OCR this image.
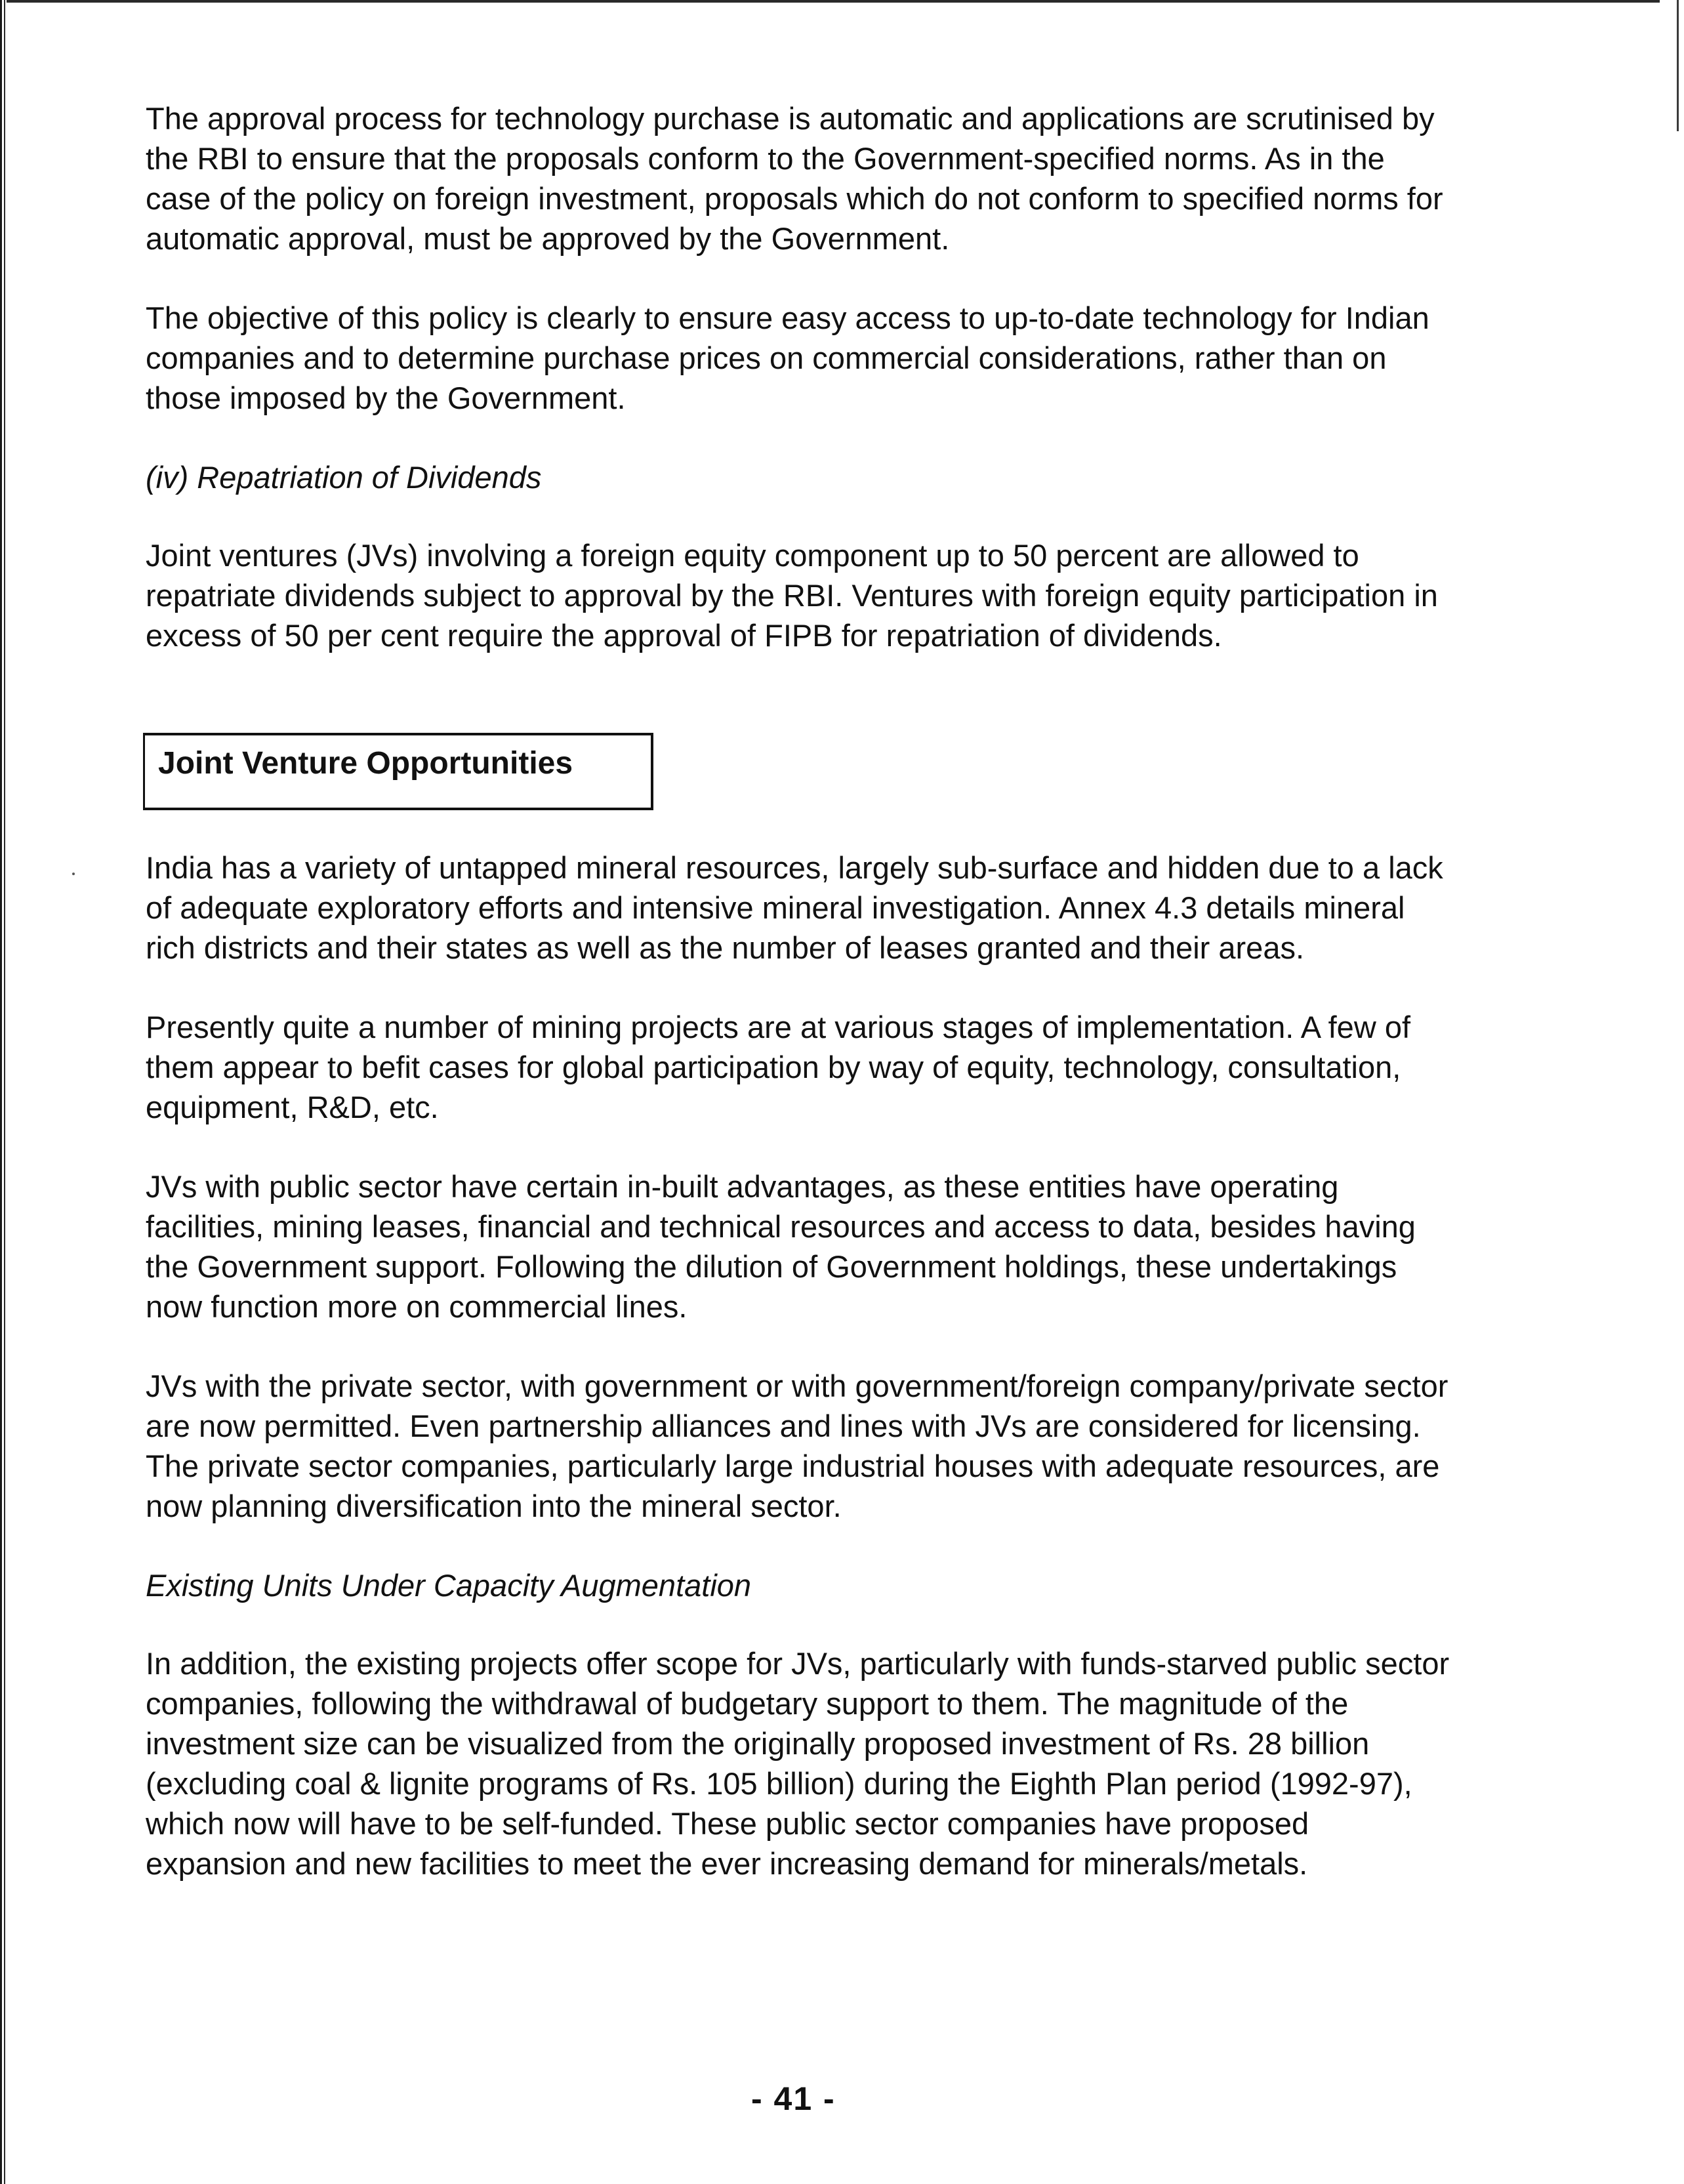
The approval process for technology purchase is automatic and applications are scrutinised by the RBI to ensure that the proposals conform to the Government-specified norms. As in the case of the policy on foreign investment, proposals which do not conform to specified norms for automatic approval, must be approved by the Government.

The objective of this policy is clearly to ensure easy access to up-to-date technology for Indian companies and to determine purchase prices on commercial considerations, rather than on those imposed by the Government.

(iv) Repatriation of Dividends

Joint ventures (JVs) involving a foreign equity component up to 50 percent are allowed to repatriate dividends subject to approval by the RBI. Ventures with foreign equity participation in excess of 50 per cent require the approval of FIPB for repatriation of dividends.

Joint Venture Opportunities

India has a variety of untapped mineral resources, largely sub-surface and hidden due to a lack of adequate exploratory efforts and intensive mineral investigation. Annex 4.3 details mineral rich districts and their states as well as the number of leases granted and their areas.

Presently quite a number of mining projects are at various stages of implementation. A few of them appear to befit cases for global participation by way of equity, technology, consultation, equipment, R&D, etc.

JVs with public sector have certain in-built advantages, as these entities have operating facilities, mining leases, financial and technical resources and access to data, besides having the Government support. Following the dilution of Government holdings, these undertakings now function more on commercial lines.

JVs with the private sector, with government or with government/foreign company/private sector are now permitted. Even partnership alliances and lines with JVs are considered for licensing. The private sector companies, particularly large industrial houses with adequate resources, are now planning diversification into the mineral sector.

Existing Units Under Capacity Augmentation

In addition, the existing projects offer scope for JVs, particularly with funds-starved public sector companies, following the withdrawal of budgetary support to them. The magnitude of the investment size can be visualized from the originally proposed investment of Rs. 28 billion (excluding coal & lignite programs of Rs. 105 billion) during the Eighth Plan period (1992-97), which now will have to be self-funded. These public sector companies have proposed expansion and new facilities to meet the ever increasing demand for minerals/metals.

- 41 -
